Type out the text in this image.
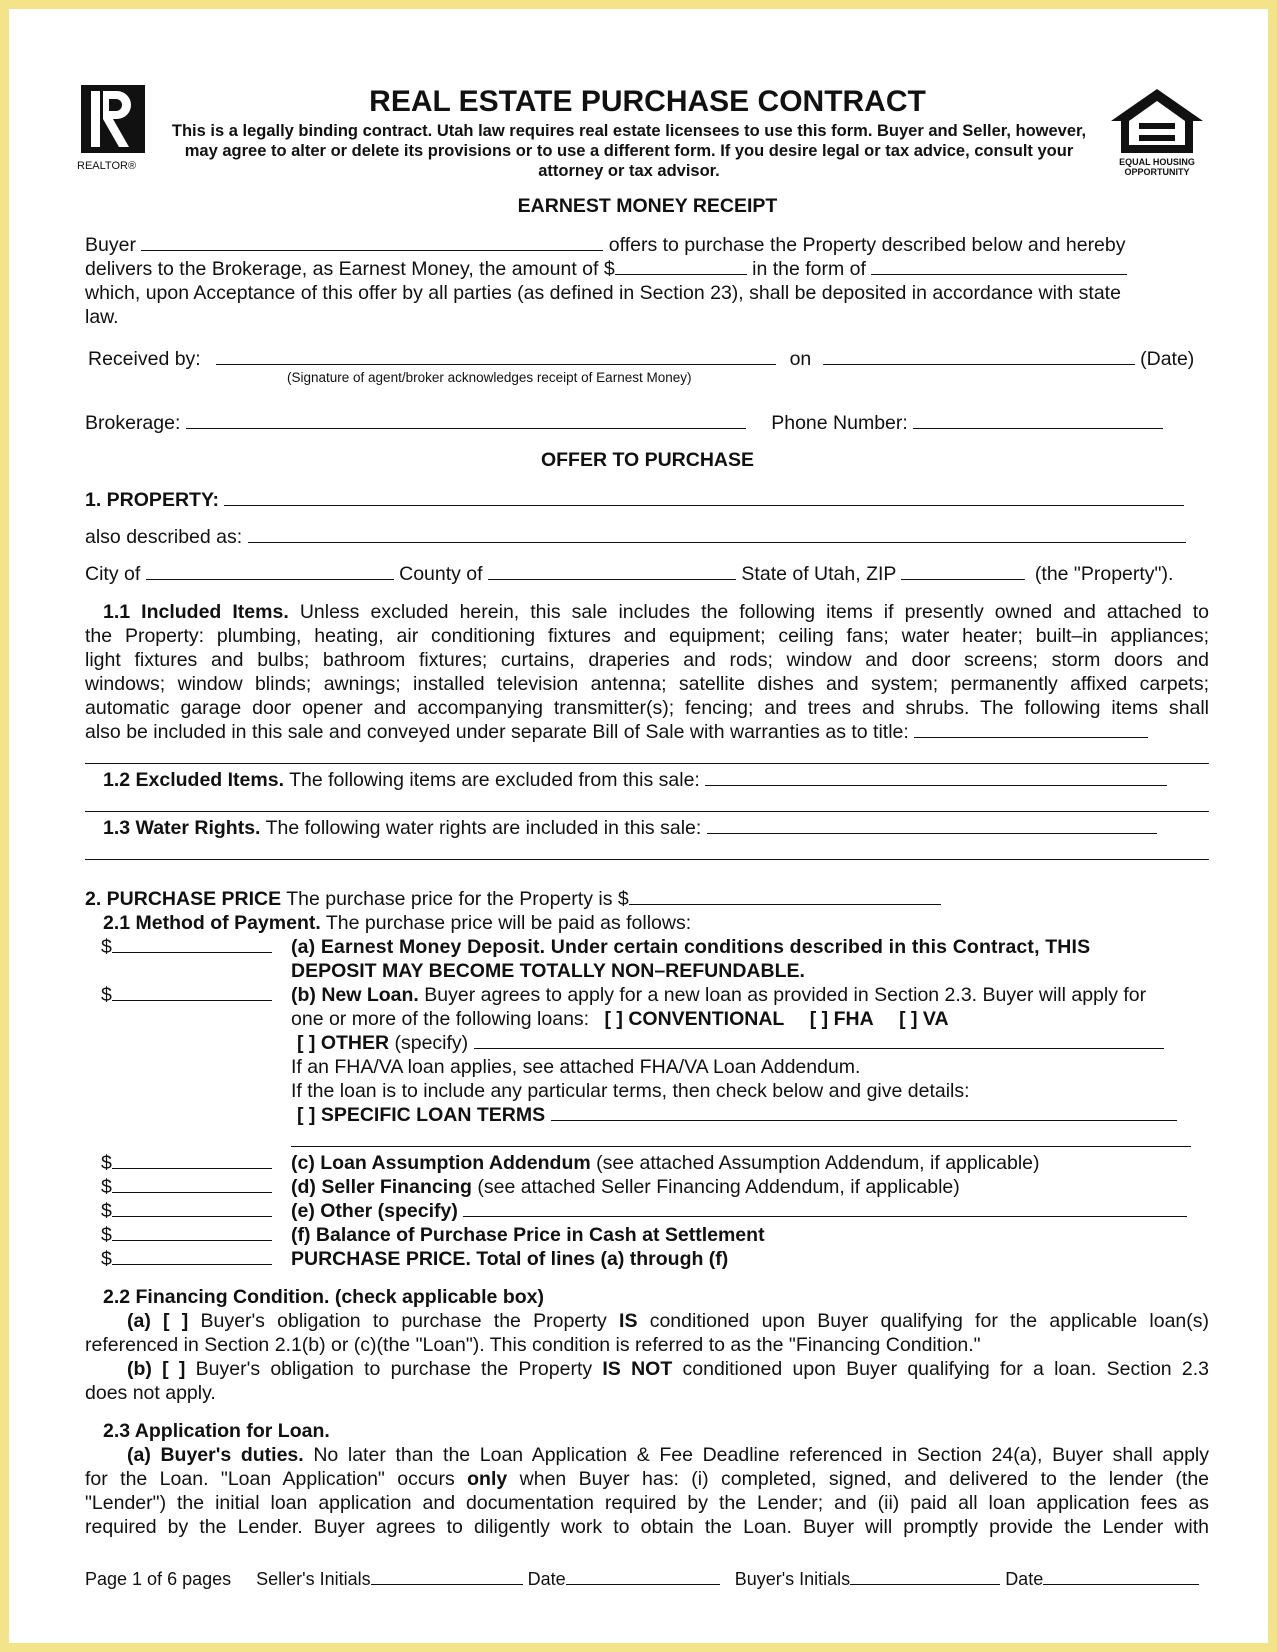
REALTOR®	EQUAL HOUSING
OPPORTUNITY
REAL ESTATE PURCHASE CONTRACT
This is a legally binding contract. Utah law requires real estate licensees to use this form. Buyer and Seller, however, may agree to alter or delete its provisions or to use a different form. If you desire legal or tax advice, consult your attorney or tax advisor.
EARNEST MONEY RECEIPT
Buyer	offers to purchase the Property described below and hereby
delivers to the Brokerage, as Earnest Money, the amount of $	in the form of
which, upon Acceptance of this offer by all parties (as defined in Section 23), shall be deposited in accordance with state
law.
Received by:	on	(Date)
(Signature of agent/broker acknowledges receipt of Earnest Money)
Brokerage:	Phone Number:
OFFER TO PURCHASE
1. PROPERTY:
also described as:
City of	County of	State of Utah, ZIP	(the "Property").
1.1 Included Items. Unless excluded herein, this sale includes the following items if presently owned and attached to
the Property: plumbing, heating, air conditioning fixtures and equipment; ceiling fans; water heater; built–in appliances;
light fixtures and bulbs; bathroom fixtures; curtains, draperies and rods; window and door screens; storm doors and
windows; window blinds; awnings; installed television antenna; satellite dishes and system; permanently affixed carpets;
automatic garage door opener and accompanying transmitter(s); fencing; and trees and shrubs. The following items shall
also be included in this sale and conveyed under separate Bill of Sale with warranties as to title:
1.2 Excluded Items. The following items are excluded from this sale:
1.3 Water Rights. The following water rights are included in this sale:
2. PURCHASE PRICE The purchase price for the Property is $
2.1 Method of Payment. The purchase price will be paid as follows:
$	(a) Earnest Money Deposit. Under certain conditions described in this Contract, THIS
DEPOSIT MAY BECOME TOTALLY NON–REFUNDABLE.
$	(b) New Loan. Buyer agrees to apply for a new loan as provided in Section 2.3. Buyer will apply for
one or more of the following loans: [ ] CONVENTIONAL [ ] FHA [ ] VA
[ ] OTHER (specify)
If an FHA/VA loan applies, see attached FHA/VA Loan Addendum.
If the loan is to include any particular terms, then check below and give details:
[ ] SPECIFIC LOAN TERMS
$	(c) Loan Assumption Addendum (see attached Assumption Addendum, if applicable)
$	(d) Seller Financing (see attached Seller Financing Addendum, if applicable)
$	(e) Other (specify)
$	(f) Balance of Purchase Price in Cash at Settlement
$	PURCHASE PRICE. Total of lines (a) through (f)
2.2 Financing Condition. (check applicable box)
(a) [ ] Buyer's obligation to purchase the Property IS conditioned upon Buyer qualifying for the applicable loan(s)
referenced in Section 2.1(b) or (c)(the "Loan"). This condition is referred to as the "Financing Condition."
(b) [ ] Buyer's obligation to purchase the Property IS NOT conditioned upon Buyer qualifying for a loan. Section 2.3
does not apply.
2.3 Application for Loan.
(a) Buyer's duties. No later than the Loan Application & Fee Deadline referenced in Section 24(a), Buyer shall apply
for the Loan. "Loan Application" occurs only when Buyer has: (i) completed, signed, and delivered to the lender (the
"Lender") the initial loan application and documentation required by the Lender; and (ii) paid all loan application fees as
required by the Lender. Buyer agrees to diligently work to obtain the Loan. Buyer will promptly provide the Lender with
Page 1 of 6 pages Seller's Initials	Date	Buyer's Initials	Date
